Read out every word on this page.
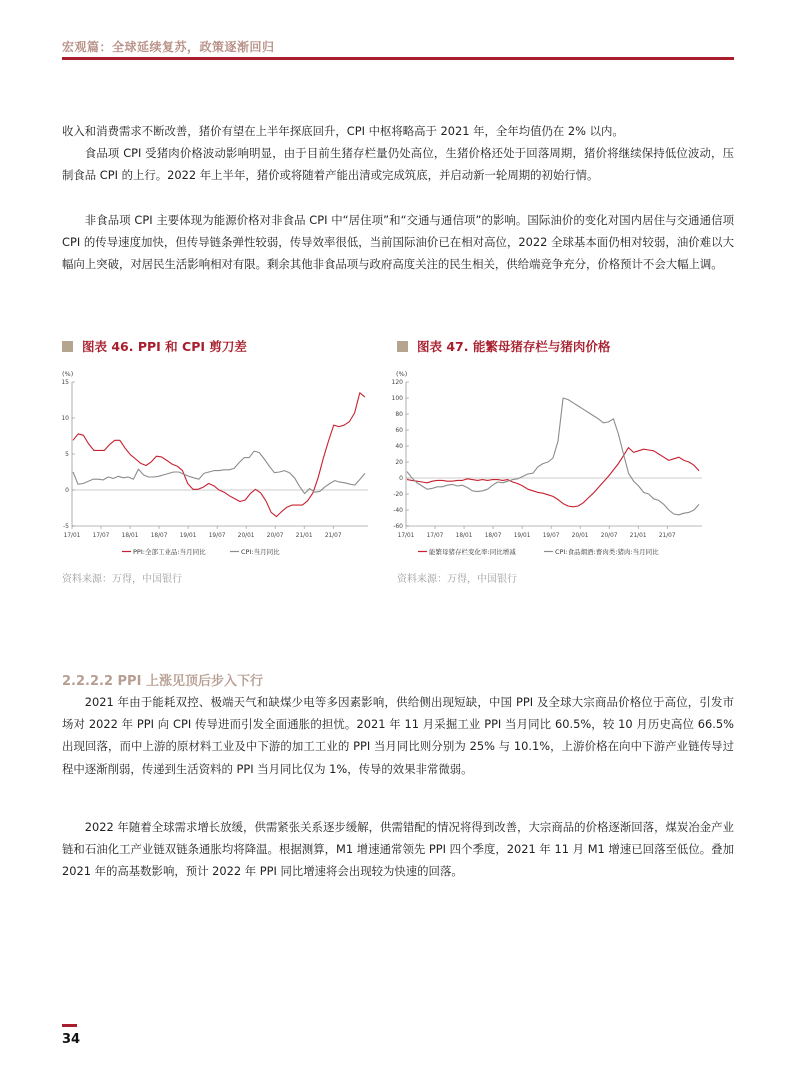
宏观篇：全球延续复苏，政策逐渐回归

收入和消费需求不断改善，猪价有望在上半年探底回升，CPI 中枢将略高于 2021 年，全年均值仍在 2% 以内。

食品项 CPI 受猪肉价格波动影响明显，由于目前生猪存栏量仍处高位，生猪价格还处于回落周期，猪价将继续保持低位波动，压制食品 CPI 的上行。2022 年上半年，猪价或将随着产能出清或完成筑底，并启动新一轮周期的初始行情。

非食品项 CPI 主要体现为能源价格对非食品 CPI 中“居住项”和“交通与通信项”的影响。国际油价的变化对国内居住与交通通信项 CPI 的传导速度加快，但传导链条弹性较弱，传导效率很低，当前国际油价已在相对高位，2022 全球基本面仍相对较弱，油价难以大幅向上突破，对居民生活影响相对有限。剩余其他非食品项与政府高度关注的民生相关，供给端竞争充分，价格预计不会大幅上调。

图表 46. PPI 和 CPI 剪刀差	图表 47. 能繁母猪存栏与猪肉价格
(%)
15
10
5
0
-5
17/01 17/07 18/01 18/07 19/01 19/07 20/01 20/07 21/01 21/07
PPI:全部工业品:当月同比	CPI:当月同比
(%)
120
100
80
60
40
20
0
-20
-40
-60
17/01 17/07 18/01 18/07 19/01 19/07 20/01 20/07 21/01 21/07
能繁母猪存栏变化率:同比增减	CPI:食品烟酒:畜肉类:猪肉:当月同比
资料来源：万得，中国银行	资料来源：万得，中国银行
2.2.2.2 PPI 上涨见顶后步入下行

2021 年由于能耗双控、极端天气和缺煤少电等多因素影响，供给侧出现短缺，中国 PPI 及全球大宗商品价格位于高位，引发市场对 2022 年 PPI 向 CPI 传导进而引发全面通胀的担忧。2021 年 11 月采掘工业 PPI 当月同比 60.5%，较 10 月历史高位 66.5% 出现回落，而中上游的原材料工业及中下游的加工工业的 PPI 当月同比则分别为 25% 与 10.1%，上游价格在向中下游产业链传导过程中逐渐削弱，传递到生活资料的 PPI 当月同比仅为 1%，传导的效果非常微弱。

2022 年随着全球需求增长放缓，供需紧张关系逐步缓解，供需错配的情况将得到改善，大宗商品的价格逐渐回落，煤炭冶金产业链和石油化工产业链双链条通胀均将降温。根据测算，M1 增速通常领先 PPI 四个季度，2021 年 11 月 M1 增速已回落至低位。叠加 2021 年的高基数影响，预计 2022 年 PPI 同比增速将会出现较为快速的回落。

34
